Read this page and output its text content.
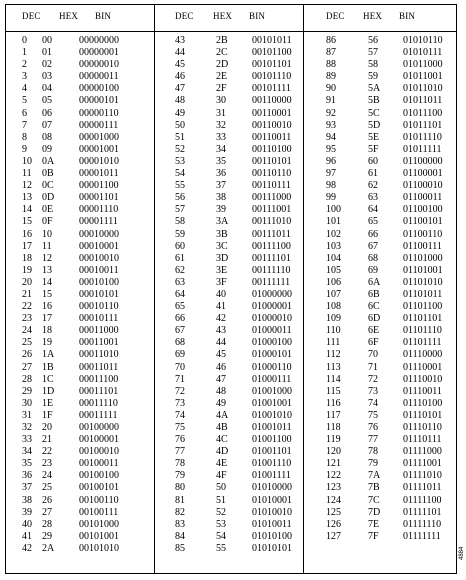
DEC HEX BIN
0 00	00000000
1 01	00000001
2 02	00000010
3 03	00000011
4 04	00000100
5 05	00000101
6 06	00000110
7 07	00000111
8 08	00001000
9 09	00001001
10 0A 00001010
11 0B	00001011
12 0C	00001100
13 0D 00001101
14 0E	00001110
15 0F	00001111
16 10	00010000
17 11	00010001
18 12	00010010
19 13	00010011
20 14	00010100
21 15	00010101
22 16	00010110
23 17	00010111
24 18	00011000
25 19	00011001
26 1A 00011010
27 1B	00011011
28 1C	00011100
29 1D 00011101
30 1E	00011110
31 1F	00011111
32 20	00100000
33 21	00100001
34 22	00100010
35 23	00100011
36 24	00100100
37 25	00100101
38 26	00100110
39 27	00100111
40 28	00101000
41 29	00101001
42 2A 00101010
DEC HEX BIN
43	2B 00101011
44	2C 00101100
45	2D 00101101
46	2E 00101110
47	2F	00101111
48	30	00110000
49	31	00110001
50	32	00110010
51	33	00110011
52	34	00110100
53	35	00110101
54	36	00110110
55	37	00110111
56	38	00111000
57	39	00111001
58	3A 00111010
59	3B 00111011
60	3C 00111100
61	3D 00111101
62	3E 00111110
63	3F	00111111
64	40	01000000
65	41	01000001
66	42	01000010
67	43	01000011
68	44	01000100
69	45	01000101
70	46	01000110
71	47	01000111
72	48	01001000
73	49	01001001
74	4A 01001010
75	4B 01001011
76	4C 01001100
77	4D 01001101
78	4E 01001110
79	4F	01001111
80	50	01010000
81	51	01010001
82	52	01010010
83	53	01010011
84	54	01010100
85	55	01010101
DEC HEX BIN
86	56	01010110
87	57	01010111
88	58	01011000
89	59	01011001
90	5A 01011010
91	5B 01011011
92	5C 01011100
93	5D 01011101
94	5E 01011110
95	5F 01011111
96	60	01100000
97	61	01100001
98	62	01100010
99	63	01100011
100	64	01100100
101	65	01100101
102	66	01100110
103	67	01100111
104	68	01101000
105	69	01101001
106	6A 01101010
107	6B 01101011
108	6C 01101100
109	6D 01101101
110	6E 01101110
111	6F 01101111
112	70	01110000
113	71	01110001
114	72	01110010
115	73	01110011
116	74	01110100
117	75	01110101
118	76	01110110
119	77	01110111
120	78	01111000
121	79	01111001
122	7A 01111010
123	7B 01111011
124	7C 01111100
125	7D 01111101
126	7E 01111110
127	7F 01111111
4884
